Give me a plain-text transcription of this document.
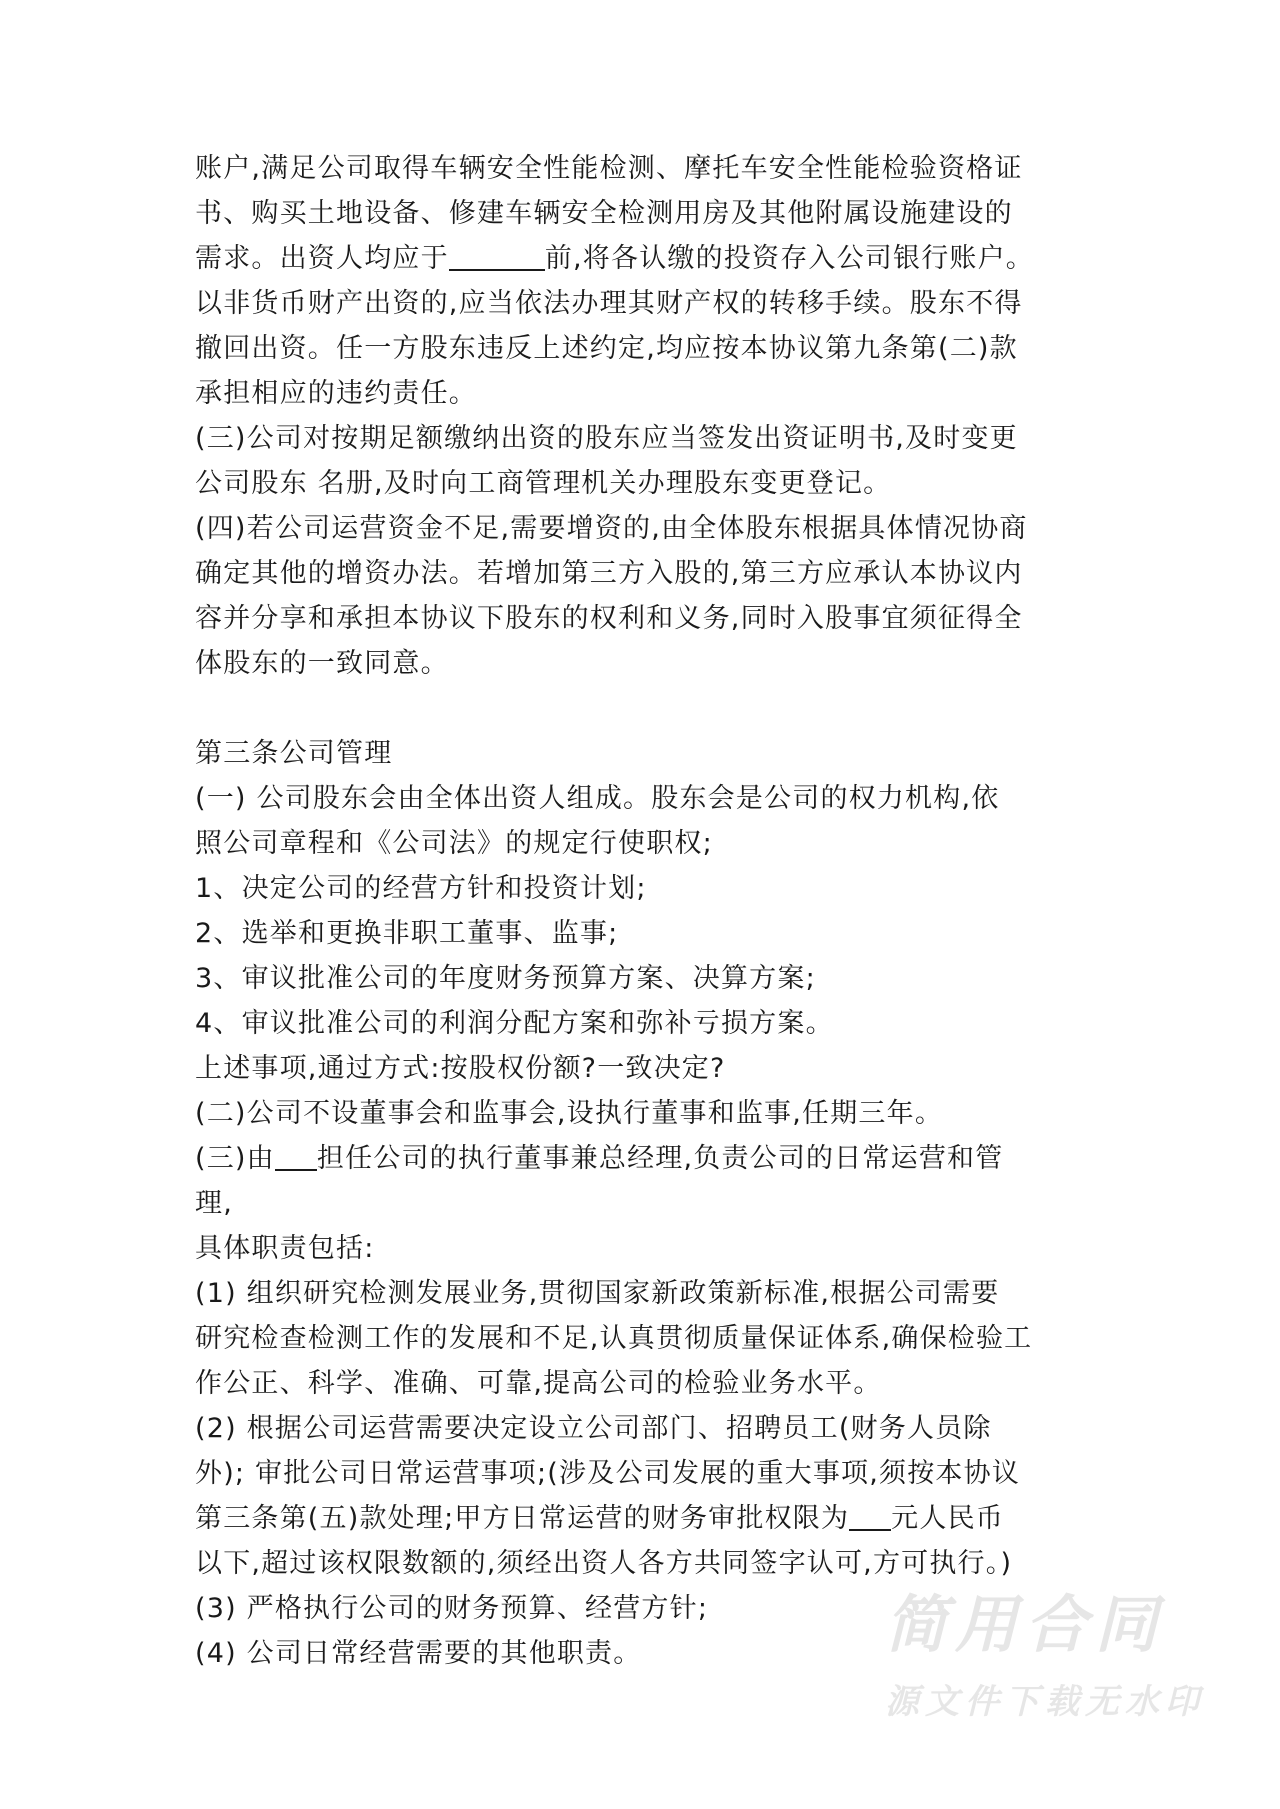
账户,满足公司取得车辆安全性能检测、摩托车安全性能检验资格证
书、购买土地设备、修建车辆安全检测用房及其他附属设施建设的
需求。出资人均应于	前,将各认缴的投资存入公司银行账户。
以非货币财产出资的,应当依法办理其财产权的转移手续。股东不得
撤回出资。任一方股东违反上述约定,均应按本协议第九条第(二)款
承担相应的违约责任。
(三)公司对按期足额缴纳出资的股东应当签发出资证明书,及时变更
公司股东 名册,及时向工商管理机关办理股东变更登记。
(四)若公司运营资金不足,需要增资的,由全体股东根据具体情况协商
确定其他的增资办法。若增加第三方入股的,第三方应承认本协议内
容并分享和承担本协议下股东的权利和义务,同时入股事宜须征得全
体股东的一致同意。
第三条公司管理
(一) 公司股东会由全体出资人组成。股东会是公司的权力机构,依
照公司章程和《公司法》的规定行使职权;
1、决定公司的经营方针和投资计划;
2、选举和更换非职工董事、监事;
3、审议批准公司的年度财务预算方案、决算方案;
4、审议批准公司的利润分配方案和弥补亏损方案。
上述事项,通过方式:按股权份额?一致决定?
(二)公司不设董事会和监事会,设执行董事和监事,任期三年。
(三)由 担任公司的执行董事兼总经理,负责公司的日常运营和管
理,
具体职责包括:
(1) 组织研究检测发展业务,贯彻国家新政策新标准,根据公司需要
研究检查检测工作的发展和不足,认真贯彻质量保证体系,确保检验工
作公正、科学、准确、可靠,提高公司的检验业务水平。
(2) 根据公司运营需要决定设立公司部门、招聘员工(财务人员除
外); 审批公司日常运营事项;(涉及公司发展的重大事项,须按本协议
第三条第(五)款处理;甲方日常运营的财务审批权限为 元人民币
以下,超过该权限数额的,须经出资人各方共同签字认可,方可执行。)
(3) 严格执行公司的财务预算、经营方针;
(4) 公司日常经营需要的其他职责。	简用合同
源文件下载无水印
